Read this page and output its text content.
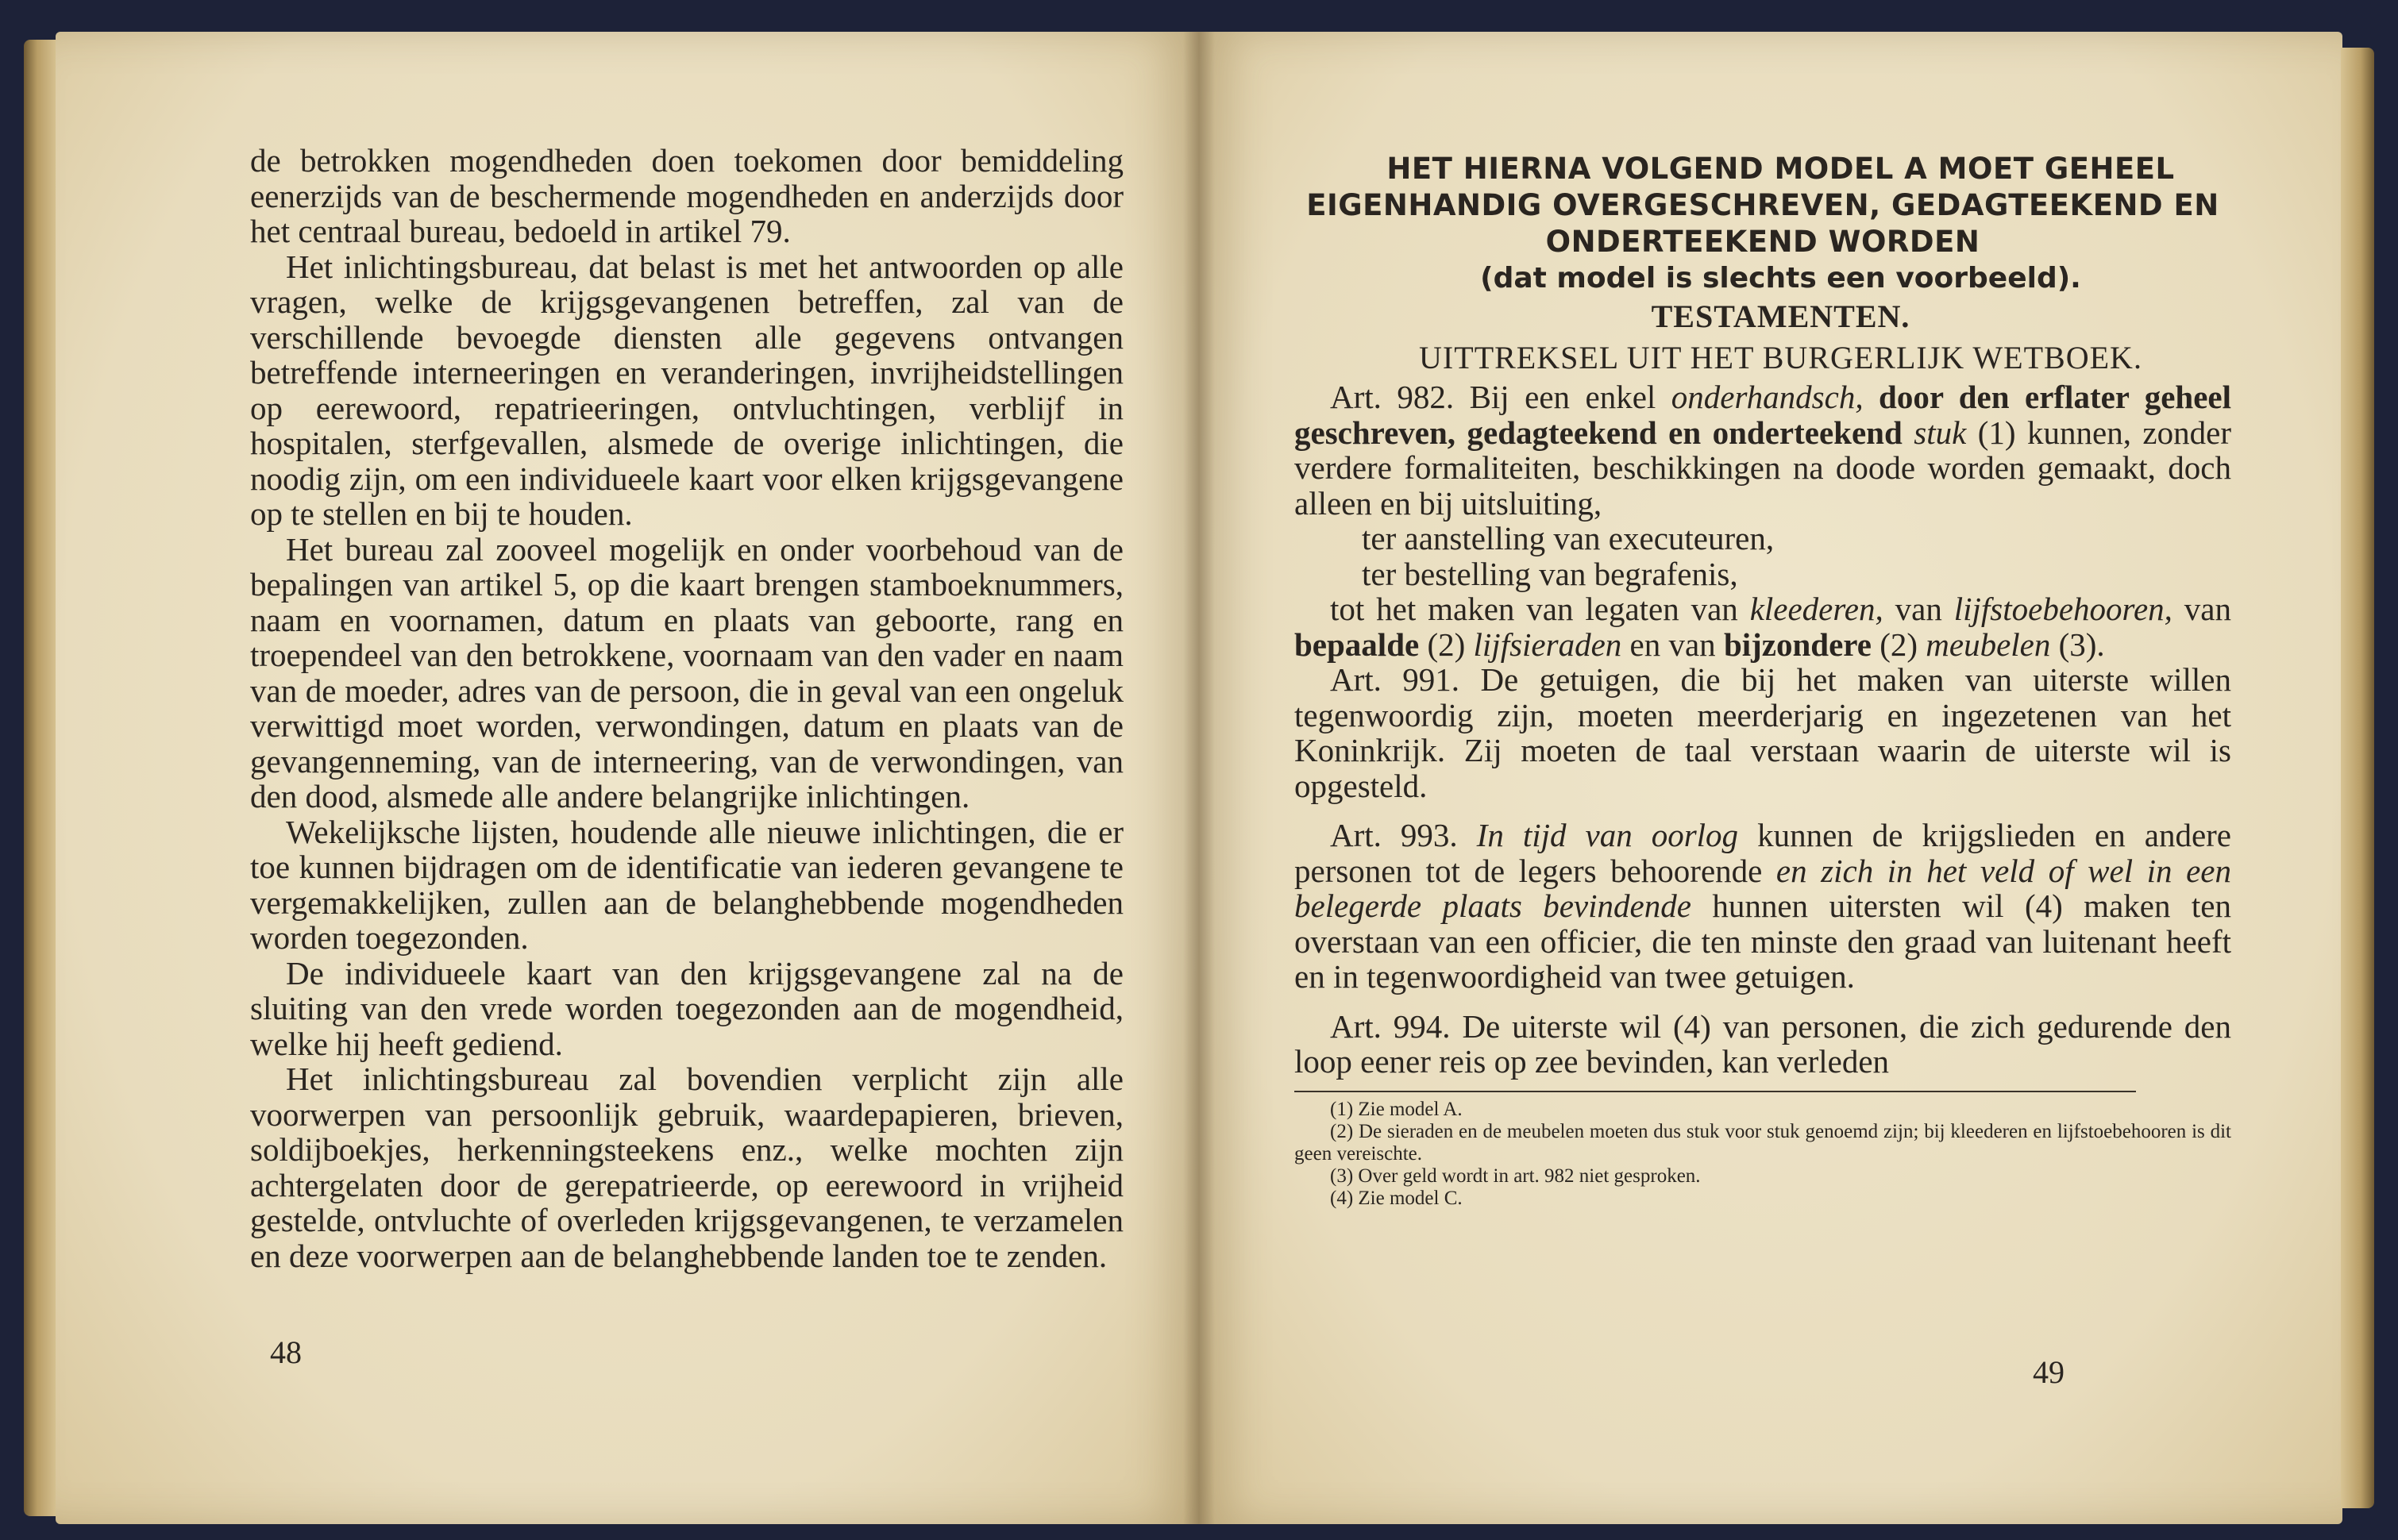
de betrokken mogendheden doen toekomen door bemiddeling eenerzijds van de beschermende mogendheden en anderzijds door het centraal bureau, bedoeld in artikel 79.

Het inlichtingsbureau, dat belast is met het antwoorden op alle vragen, welke de krijgsgevangenen betreffen, zal van de verschillende bevoegde diensten alle gegevens ontvangen betreffende interneeringen en veranderingen, invrijheidstellingen op eerewoord, repatrieeringen, ontvluchtingen, verblijf in hospitalen, sterfgevallen, alsmede de overige inlichtingen, die noodig zijn, om een individueele kaart voor elken krijgsgevangene op te stellen en bij te houden.

Het bureau zal zooveel mogelijk en onder voorbehoud van de bepalingen van artikel 5, op die kaart brengen stamboeknummers, naam en voornamen, datum en plaats van geboorte, rang en troependeel van den betrokkene, voornaam van den vader en naam van de moeder, adres van de persoon, die in geval van een ongeluk verwittigd moet worden, verwondingen, datum en plaats van de gevangenneming, van de interneering, van de verwondingen, van den dood, alsmede alle andere belangrijke inlichtingen.

Wekelijksche lijsten, houdende alle nieuwe inlichtingen, die er toe kunnen bijdragen om de identificatie van iederen gevangene te vergemakkelijken, zullen aan de belanghebbende mogendheden worden toegezonden.

De individueele kaart van den krijgsgevangene zal na de sluiting van den vrede worden toegezonden aan de mogendheid, welke hij heeft gediend.

Het inlichtingsbureau zal bovendien verplicht zijn alle voorwerpen van persoonlijk gebruik, waardepapieren, brieven, soldijboekjes, herkenningsteekens enz., welke mochten zijn achtergelaten door de gerepatrieerde, op eerewoord in vrijheid gestelde, ontvluchte of overleden krijgsgevangenen, te verzamelen en deze voorwerpen aan de belanghebbende landen toe te zenden.

48

HET HIERNA VOLGEND MODEL A MOET GEHEEL EIGENHANDIG OVERGESCHREVEN, GEDAGTEEKEND EN ONDERTEEKEND WORDEN

(dat model is slechts een voorbeeld).

TESTAMENTEN.

UITTREKSEL UIT HET BURGERLIJK WETBOEK.

Art. 982. Bij een enkel onderhandsch, door den erflater geheel geschreven, gedagteekend en onderteekend stuk (1) kunnen, zonder verdere formaliteiten, beschikkingen na doode worden gemaakt, doch alleen en bij uitsluiting,

ter aanstelling van executeuren,

ter bestelling van begrafenis,

tot het maken van legaten van kleederen, van lijfstoebehooren, van bepaalde (2) lijfsieraden en van bijzondere (2) meubelen (3).

Art. 991. De getuigen, die bij het maken van uiterste willen tegenwoordig zijn, moeten meerderjarig en ingezetenen van het Koninkrijk. Zij moeten de taal verstaan waarin de uiterste wil is opgesteld.

Art. 993. In tijd van oorlog kunnen de krijgslieden en andere personen tot de legers behoorende en zich in het veld of wel in een belegerde plaats bevindende hunnen uitersten wil (4) maken ten overstaan van een officier, die ten minste den graad van luitenant heeft en in tegenwoordigheid van twee getuigen.

Art. 994. De uiterste wil (4) van personen, die zich gedurende den loop eener reis op zee bevinden, kan verleden

(1) Zie model A.

(2) De sieraden en de meubelen moeten dus stuk voor stuk genoemd zijn; bij kleederen en lijfstoebehooren is dit geen vereischte.

(3) Over geld wordt in art. 982 niet gesproken.

(4) Zie model C.

49
